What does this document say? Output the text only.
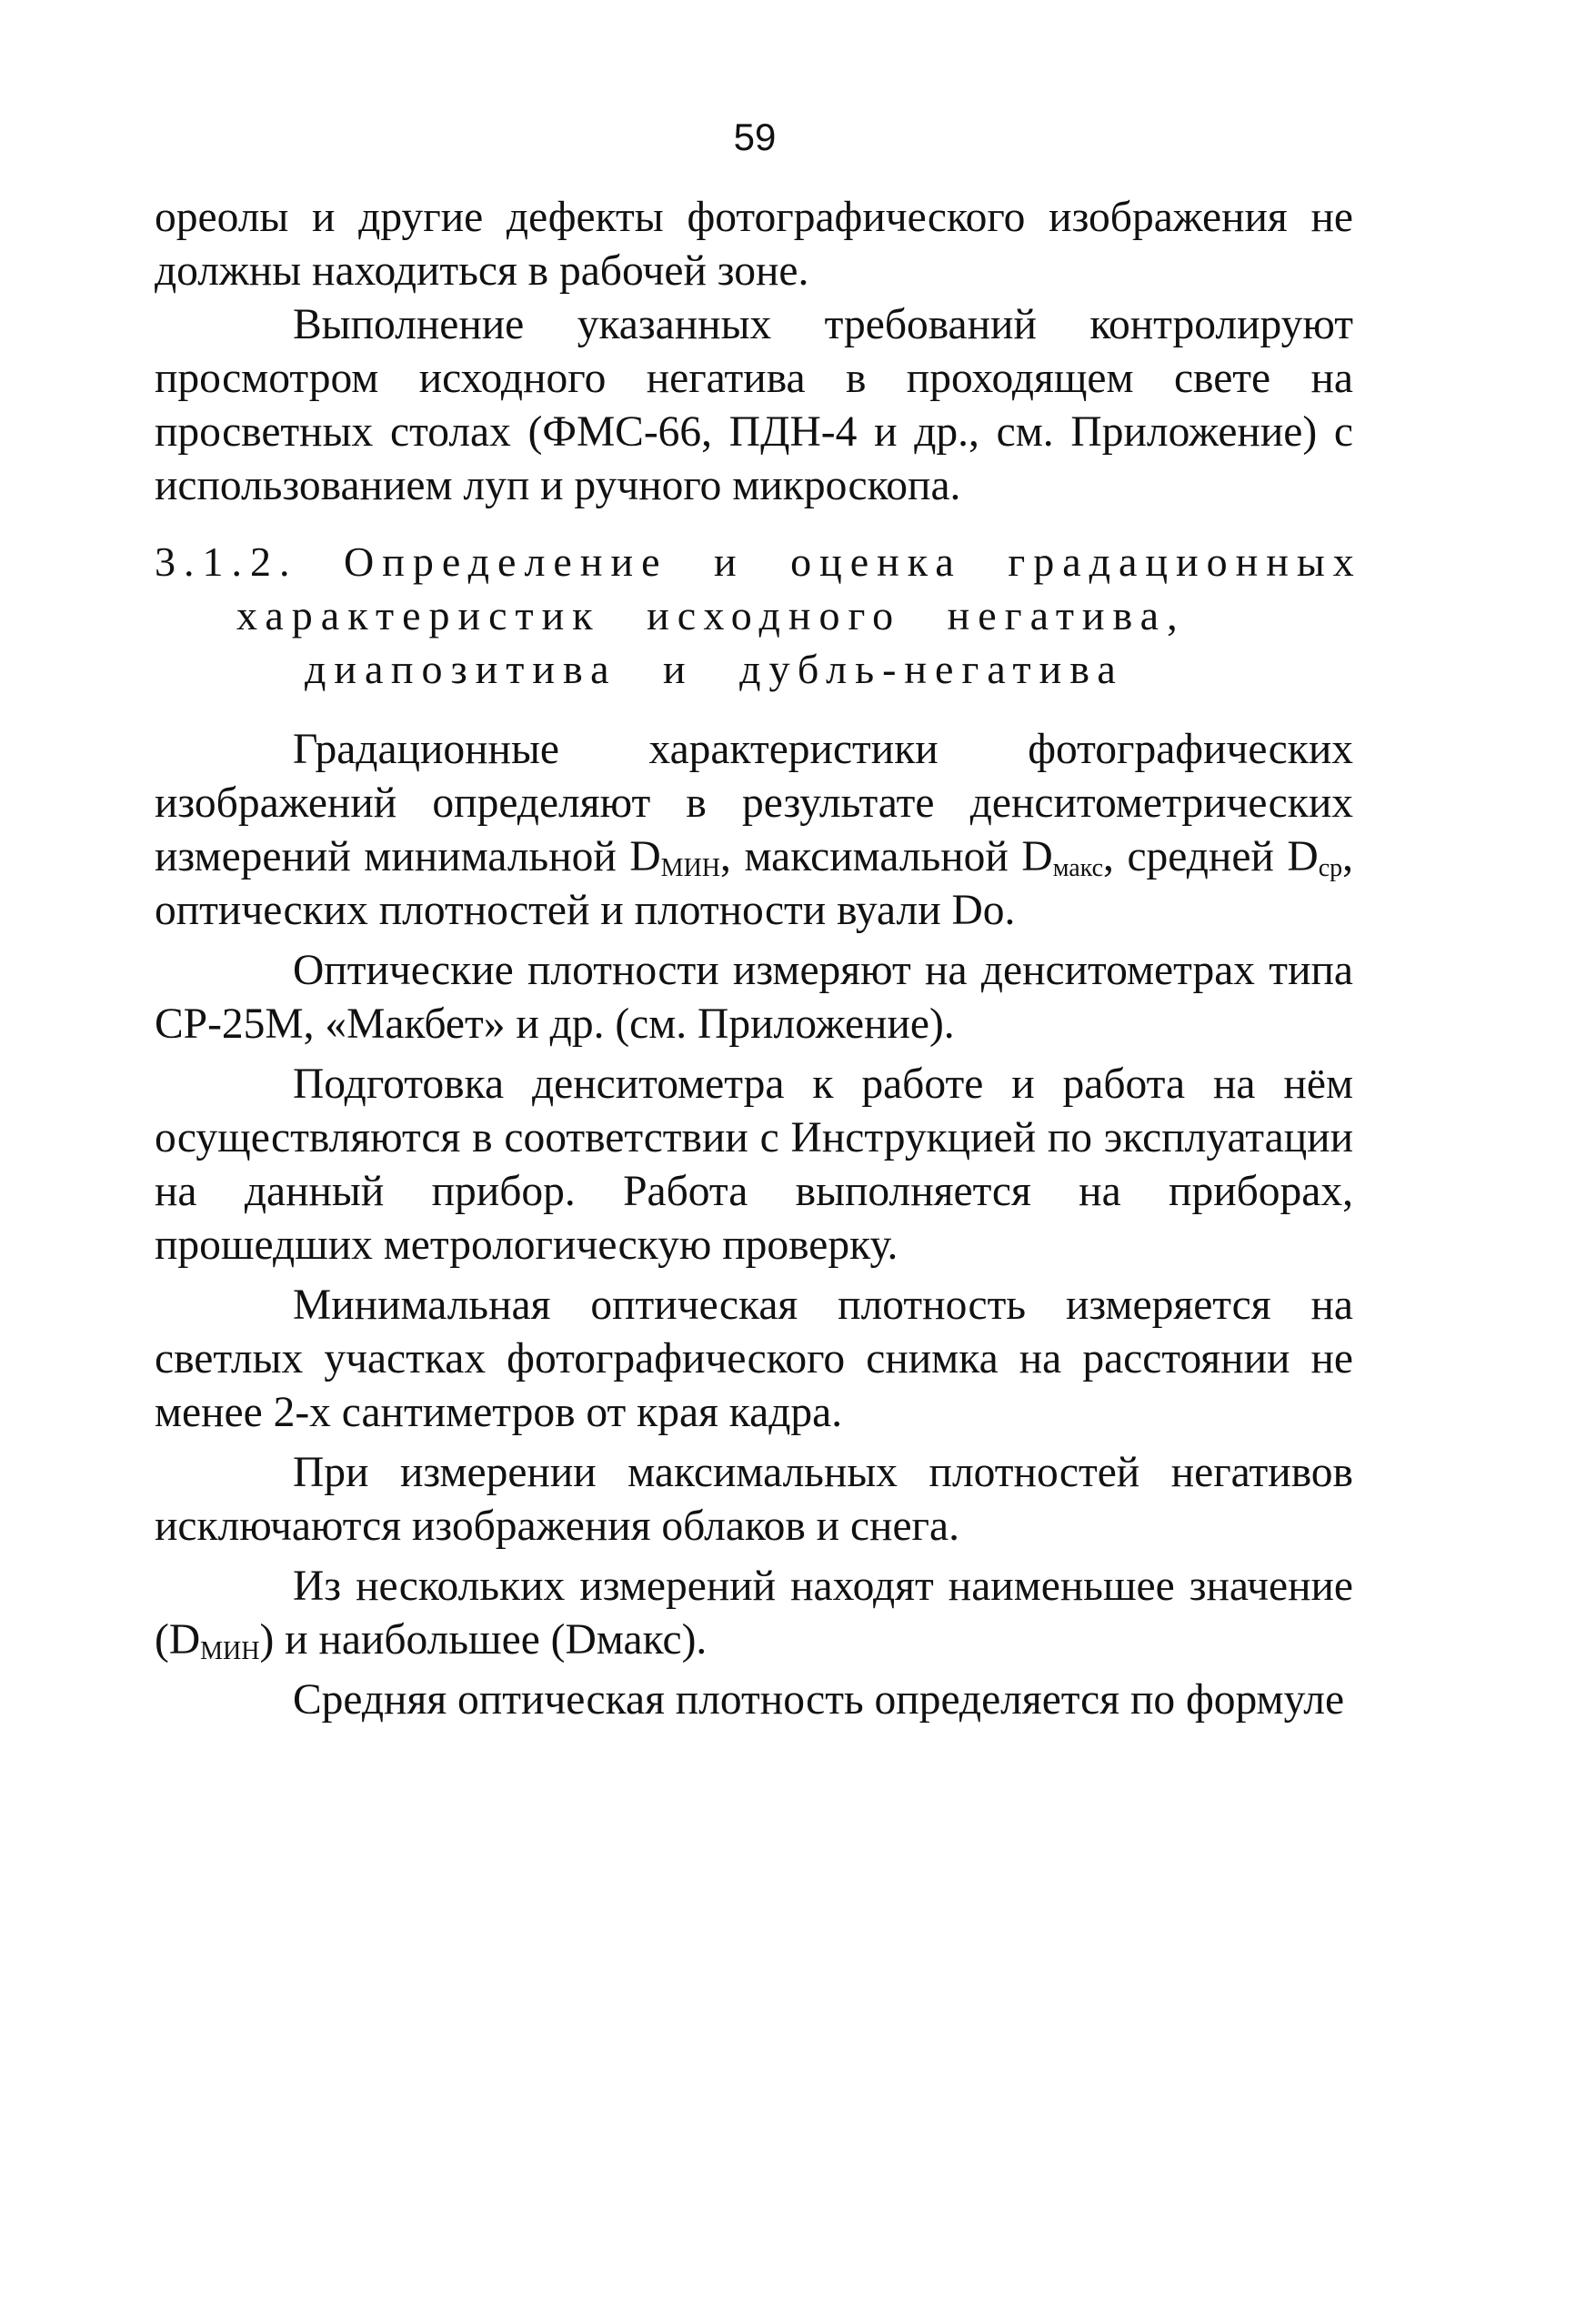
59

ореолы и другие дефекты фотографического изображения не должны находиться в рабочей зоне.

Выполнение указанных требований контролируют просмотром исходного негатива в проходящем свете на просветных столах (ФМС-66, ПДН-4 и др., см. Приложение) с использованием луп и ручного микроскопа.

3.1.2. Определение и оценка градационных
характеристик исходного негатива,
диапозитива и дубль-негатива

Градационные характеристики фотографических изображений определяют в результате денситометрических измерений минимальной $D_{МИН}$, максимальной $D_{макс}$, средней $D_{ср}$, оптических плотностей и плотности вуали Do.

Оптические плотности измеряют на денситометрах типа СР-25М, «Макбет» и др. (см. Приложение).

Подготовка денситометра к работе и работа на нём осуществляются в соответствии с Инструкцией по эксплуатации на данный прибор. Работа выполняется на приборах, прошедших метрологическую проверку.

Минимальная оптическая плотность измеряется на светлых участках фотографического снимка на расстоянии не менее 2-х сантиметров от края кадра.

При измерении максимальных плотностей негативов исключаются изображения облаков и снега.

Из нескольких измерений находят наименьшее значение $(D_{МИН})$ и наибольшее (Dмакс).

Средняя оптическая плотность определяется по формуле
